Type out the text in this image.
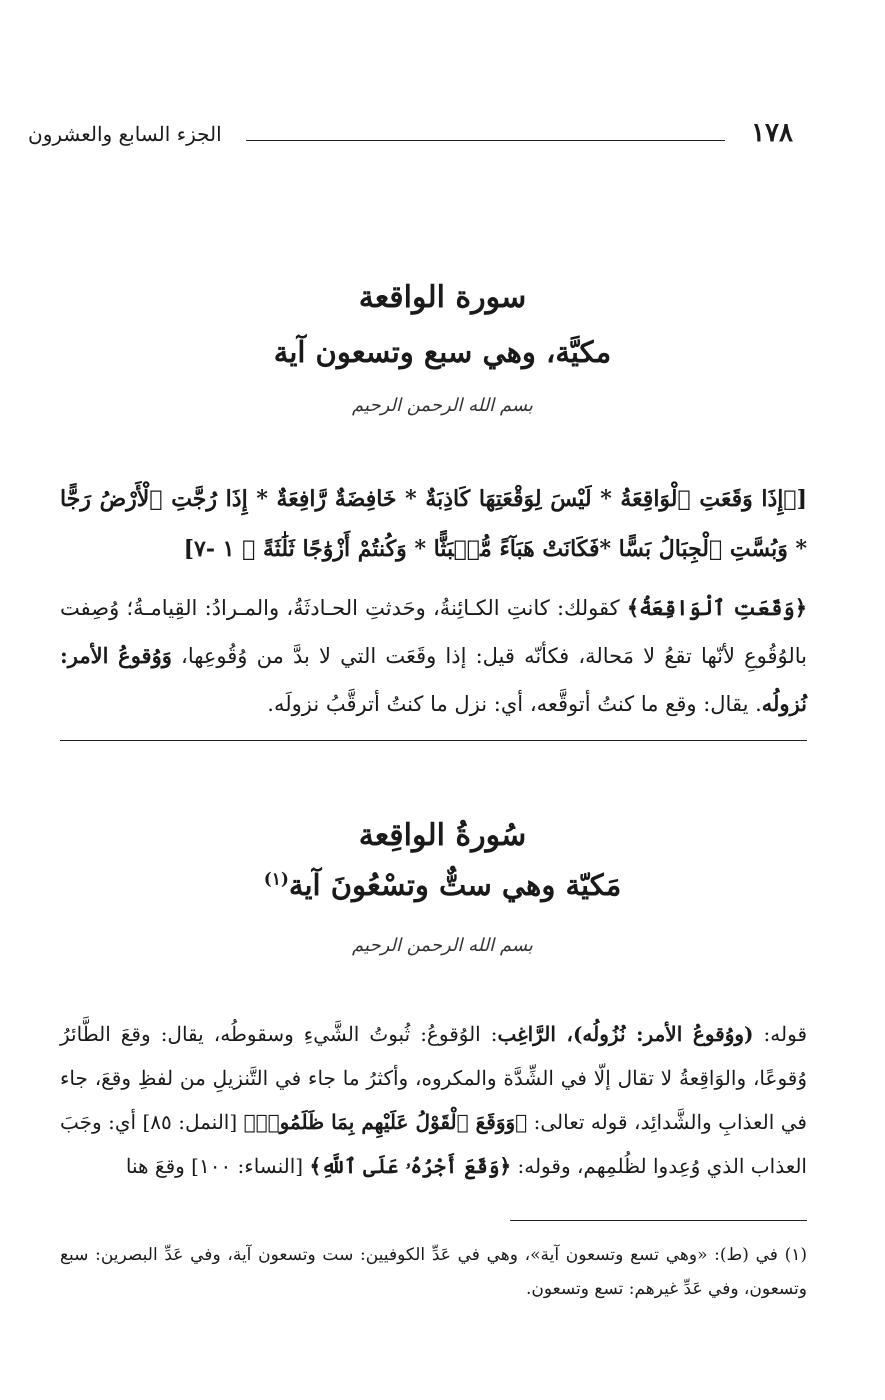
١٧٨
الجزء السابع والعشرون
سورة الواقعة
مكيَّة، وهي سبع وتسعون آية
بسم الله الرحمن الرحيم
[﴿إِذَا وَقَعَتِ ٱلْوَاقِعَةُ * لَيْسَ لِوَقْعَتِهَا كَاذِبَةٌ * خَافِضَةٌ رَّافِعَةٌ * إِذَا رُجَّتِ ٱلْأَرْضُ رَجًّا * وَبُسَّتِ ٱلْجِبَالُ بَسًّا *فَكَانَتْ هَبَآءً مُّنۢبَثًّا * وَكُنتُمْ أَزْوَٰجًا ثَلَٰثَةً ﴾ ١ -٧]
﴿وَقَعَتِ ٱلْوَاقِعَةُ﴾ كقولك: كانتِ الكـائِنةُ، وحَدثتِ الحـادثَةُ، والمـرادُ: القِيامـةُ؛ وُصِفت بالوُقُوعِ لأنّها تقعُ لا مَحالة، فكأنّه قيل: إذا وقَعَت التي لا بدَّ من وُقُوعِها، وَوُقوعُ الأمر: نُزولُه. يقال: وقع ما كنتُ أتوقَّعه، أي: نزل ما كنتُ أترقَّبُ نزولَه.
سُورةُ الواقِعة
مَكيّة وهي ستٌّ وتسْعُونَ آية$^{(١)}$
بسم الله الرحمن الرحيم
قوله: (ووُقوعُ الأمر: نُزُولُه)، الرَّاغِب: الوُقوعُ: ثُبوتُ الشَّيءِ وسقوطُه، يقال: وقعَ الطَّائرُ وُقوعًا، والوَاقِعةُ لا تقال إلّا في الشِّدَّة والمكروه، وأكثرُ ما جاء في التَّنزيلِ من لفظِ وقعَ، جاء في العذابِ والشَّدائِد، قوله تعالى: ﴿وَوَقَعَ ٱلْقَوْلُ عَلَيْهِم بِمَا ظَلَمُوا۟﴾ [النمل: ٨٥] أي: وجَبَ العذاب الذي وُعِدوا لظُلمِهم، وقوله: ﴿وَقَعَ أَجْرُهُۥ عَلَى ٱللَّهِ﴾ [النساء: ١٠٠] وقعَ هنا
(١) في (ط): «وهي تسع وتسعون آية»، وهي في عَدِّ الكوفيين: ست وتسعون آية، وفي عَدِّ البصرين: سبع وتسعون، وفي عَدِّ غيرهم: تسع وتسعون.
